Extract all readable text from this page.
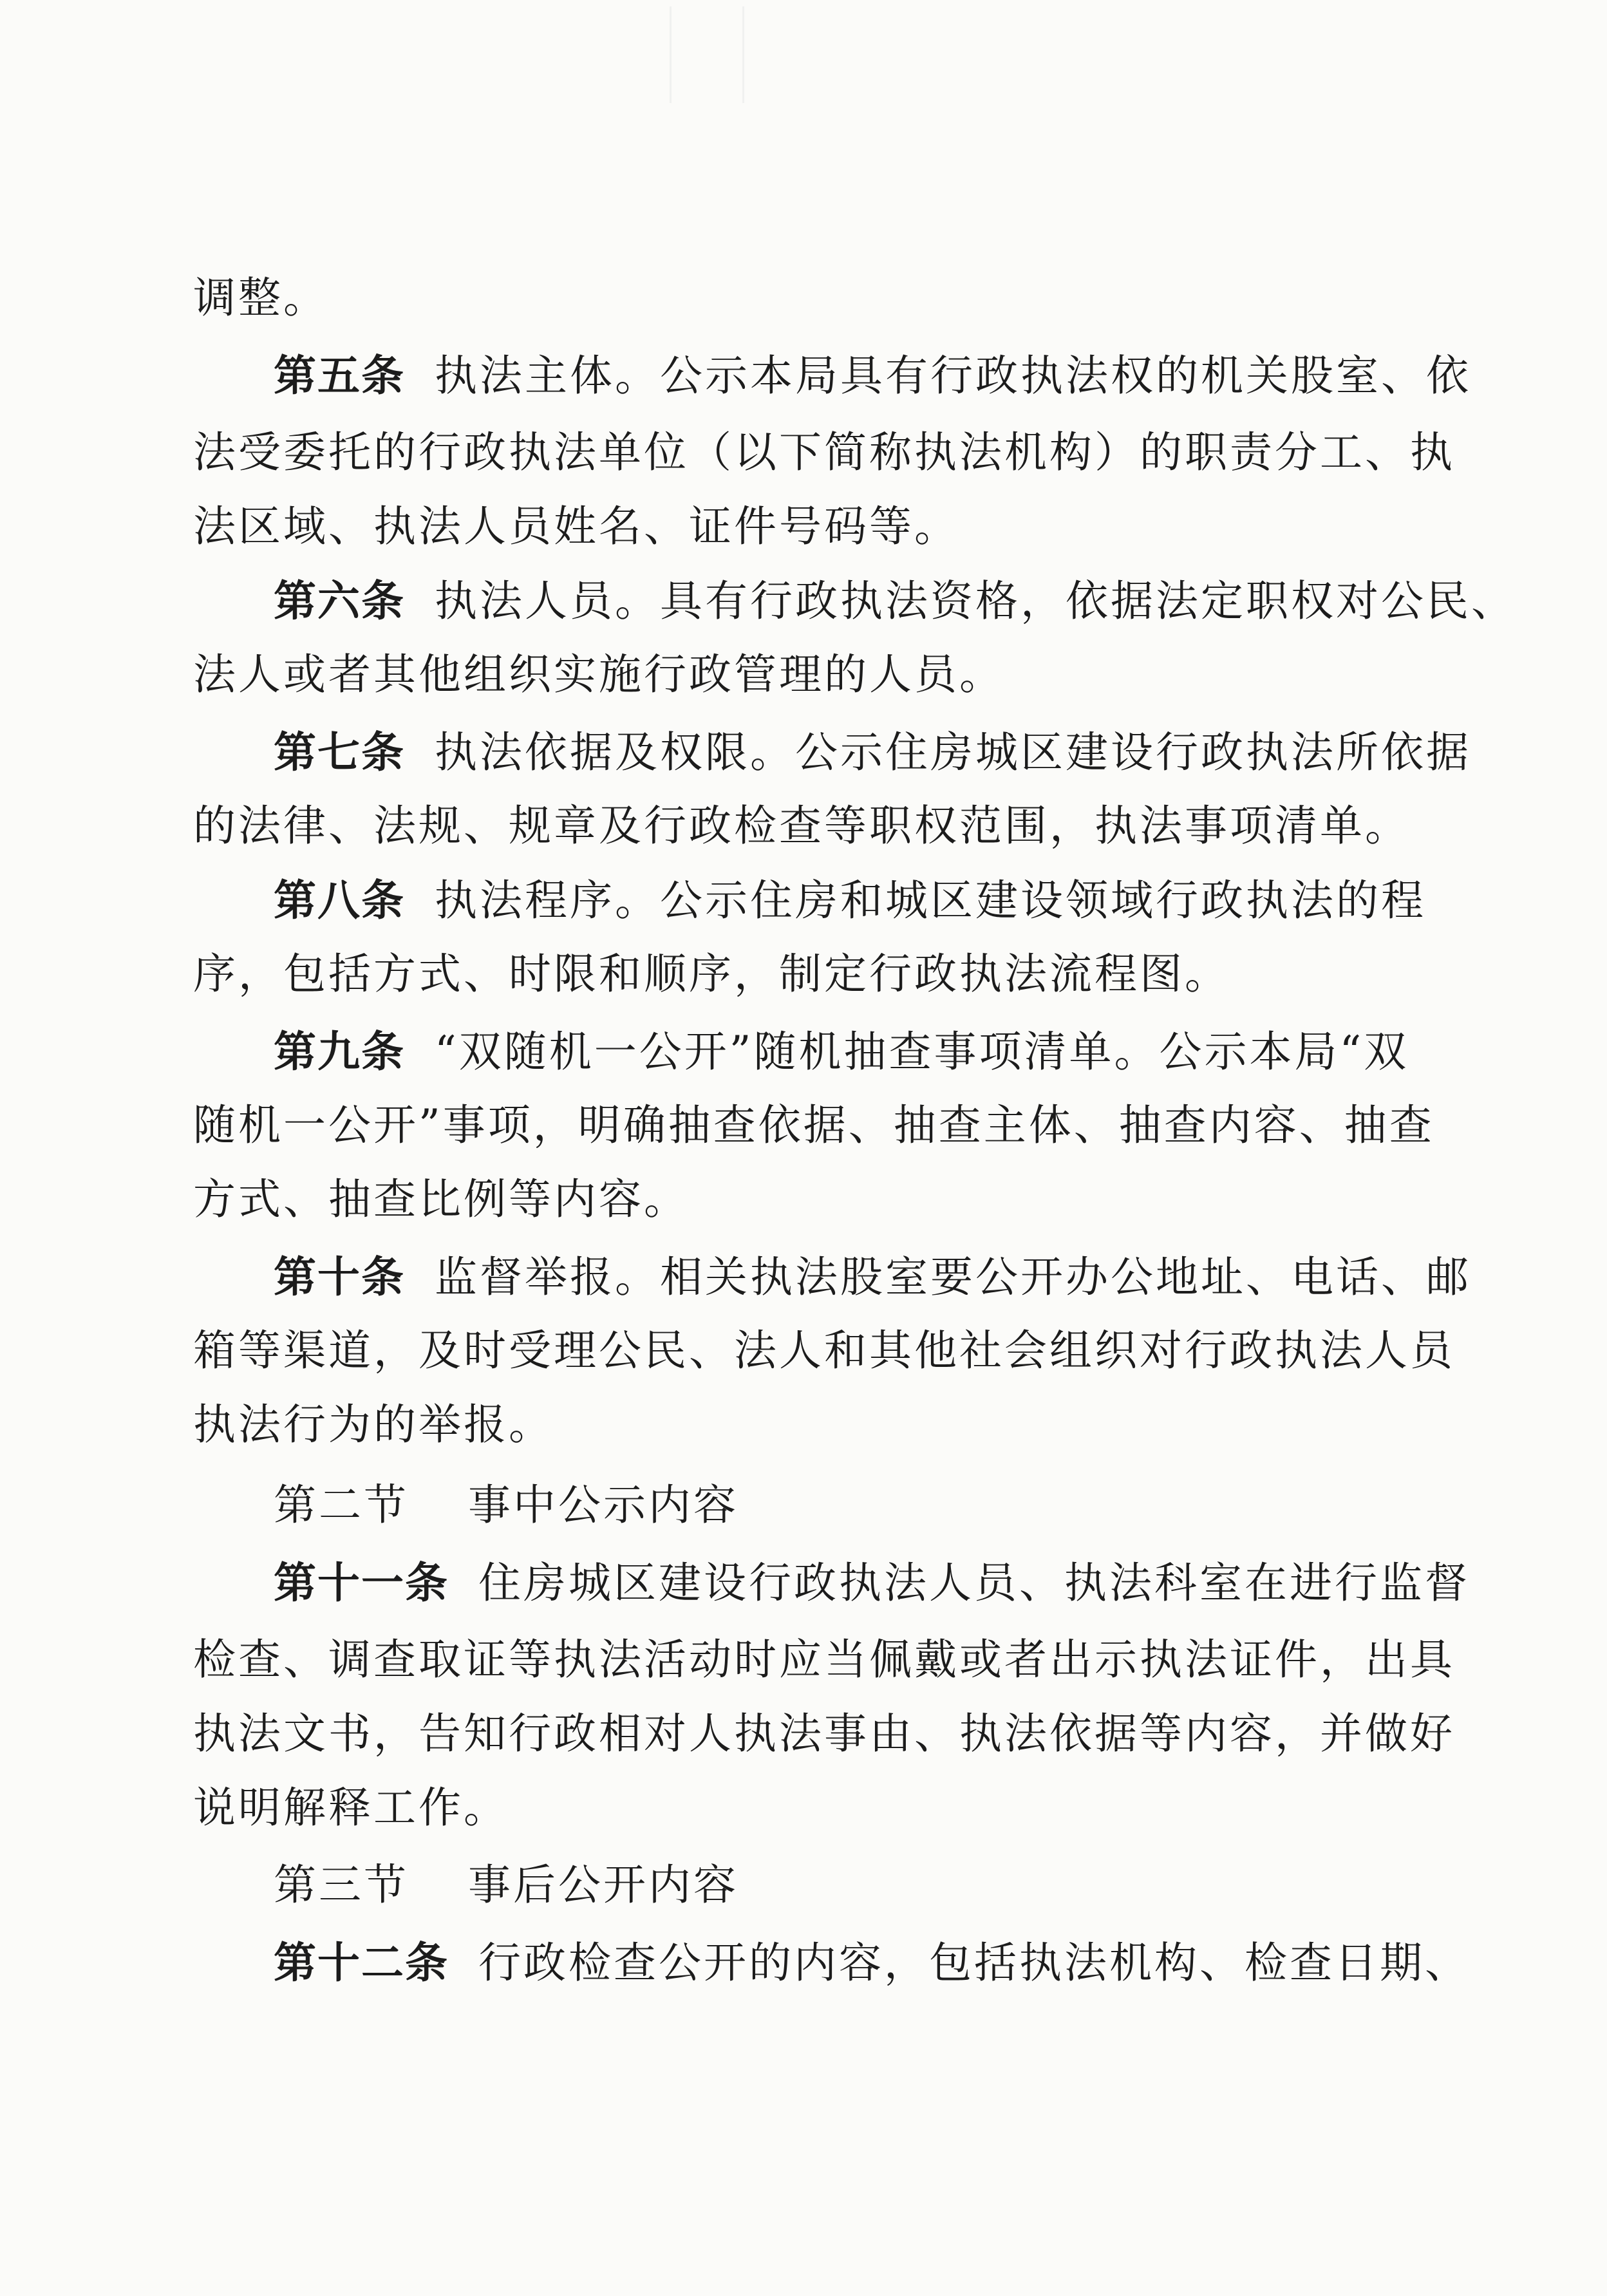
调整。
第五条 执法主体。公示本局具有行政执法权的机关股室、依
法受委托的行政执法单位（以下简称执法机构）的职责分工、执
法区域、执法人员姓名、证件号码等。
第六条 执法人员。具有行政执法资格，依据法定职权对公民、
法人或者其他组织实施行政管理的人员。
第七条 执法依据及权限。公示住房城区建设行政执法所依据
的法律、法规、规章及行政检查等职权范围，执法事项清单。
第八条 执法程序。公示住房和城区建设领域行政执法的程
序，包括方式、时限和顺序，制定行政执法流程图。
第九条 “双随机一公开”随机抽查事项清单。公示本局“双
随机一公开”事项，明确抽查依据、抽查主体、抽查内容、抽查
方式、抽查比例等内容。
第十条 监督举报。相关执法股室要公开办公地址、电话、邮
箱等渠道，及时受理公民、法人和其他社会组织对行政执法人员
执法行为的举报。
第二节 事中公示内容
第十一条 住房城区建设行政执法人员、执法科室在进行监督
检查、调查取证等执法活动时应当佩戴或者出示执法证件，出具
执法文书，告知行政相对人执法事由、执法依据等内容，并做好
说明解释工作。
第三节 事后公开内容
第十二条 行政检查公开的内容，包括执法机构、检查日期、
